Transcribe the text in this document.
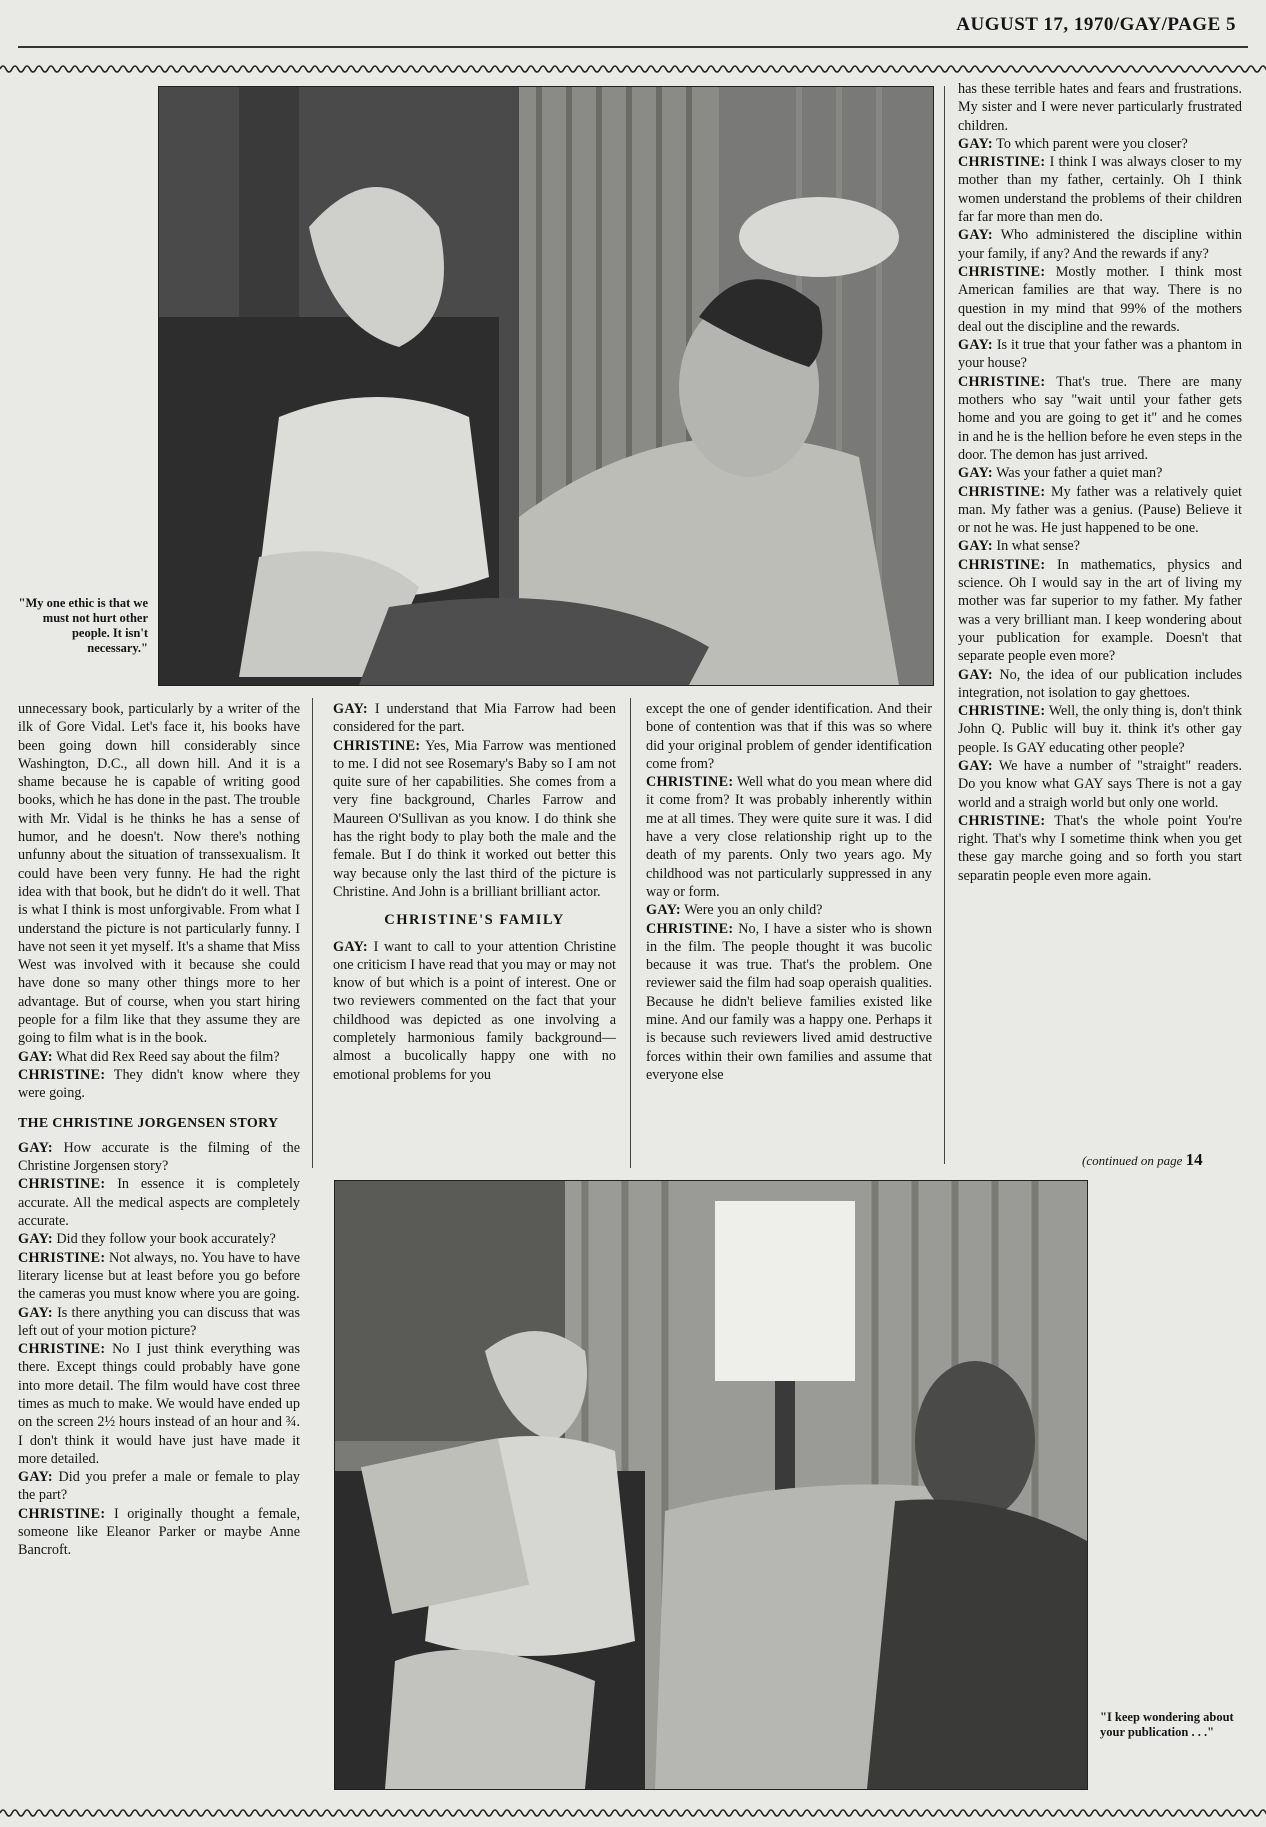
AUGUST 17, 1970/GAY/PAGE 5
"My one ethic is that we must not hurt other people. It isn't necessary."
"I keep wondering about your publication . . ."

unnecessary book, particularly by a writer of the ilk of Gore Vidal. Let's face it, his books have been going down hill considerably since Washington, D.C., all down hill. And it is a shame because he is capable of writing good books, which he has done in the past. The trouble with Mr. Vidal is he thinks he has a sense of humor, and he doesn't. Now there's nothing unfunny about the situation of transsexualism. It could have been very funny. He had the right idea with that book, but he didn't do it well. That is what I think is most unforgivable. From what I understand the picture is not particularly funny. I have not seen it yet myself. It's a shame that Miss West was involved with it because she could have done so many other things more to her advantage. But of course, when you start hiring people for a film like that they assume they are going to film what is in the book.

GAY: What did Rex Reed say about the film?

CHRISTINE: They didn't know where they were going.

THE CHRISTINE JORGENSEN STORY

GAY: How accurate is the filming of the Christine Jorgensen story?

CHRISTINE: In essence it is completely accurate. All the medical aspects are completely accurate.

GAY: Did they follow your book accurately?

CHRISTINE: Not always, no. You have to have literary license but at least before you go before the cameras you must know where you are going.

GAY: Is there anything you can discuss that was left out of your motion picture?

CHRISTINE: No I just think everything was there. Except things could probably have gone into more detail. The film would have cost three times as much to make. We would have ended up on the screen 2½ hours instead of an hour and ¾. I don't think it would have just have made it more detailed.

GAY: Did you prefer a male or female to play the part?

CHRISTINE: I originally thought a female, someone like Eleanor Parker or maybe Anne Bancroft.

GAY: I understand that Mia Farrow had been considered for the part.

CHRISTINE: Yes, Mia Farrow was mentioned to me. I did not see Rosemary's Baby so I am not quite sure of her capabilities. She comes from a very fine background, Charles Farrow and Maureen O'Sullivan as you know. I do think she has the right body to play both the male and the female. But I do think it worked out better this way because only the last third of the picture is Christine. And John is a brilliant brilliant actor.

CHRISTINE'S FAMILY

GAY: I want to call to your attention Christine one criticism I have read that you may or may not know of but which is a point of interest. One or two reviewers commented on the fact that your childhood was depicted as one involving a completely harmonious family background—almost a bucolically happy one with no emotional problems for you

except the one of gender identification. And their bone of contention was that if this was so where did your original problem of gender identification come from?

CHRISTINE: Well what do you mean where did it come from? It was probably inherently within me at all times. They were quite sure it was. I did have a very close relationship right up to the death of my parents. Only two years ago. My childhood was not particularly suppressed in any way or form.

GAY: Were you an only child?

CHRISTINE: No, I have a sister who is shown in the film. The people thought it was bucolic because it was true. That's the problem. One reviewer said the film had soap operaish qualities. Because he didn't believe families existed like mine. And our family was a happy one. Perhaps it is because such reviewers lived amid destructive forces within their own families and assume that everyone else

has these terrible hates and fears and frustrations. My sister and I were never particularly frustrated children.

GAY: To which parent were you closer?

CHRISTINE: I think I was always closer to my mother than my father, certainly. Oh I think women understand the problems of their children far far more than men do.

GAY: Who administered the discipline within your family, if any? And the rewards if any?

CHRISTINE: Mostly mother. I think most American families are that way. There is no question in my mind that 99% of the mothers deal out the discipline and the rewards.

GAY: Is it true that your father was a phantom in your house?

CHRISTINE: That's true. There are many mothers who say "wait until your father gets home and you are going to get it" and he comes in and he is the hellion before he even steps in the door. The demon has just arrived.

GAY: Was your father a quiet man?

CHRISTINE: My father was a relatively quiet man. My father was a genius. (Pause) Believe it or not he was. He just happened to be one.

GAY: In what sense?

CHRISTINE: In mathematics, physics and science. Oh I would say in the art of living my mother was far superior to my father. My father was a very brilliant man. I keep wondering about your publication for example. Doesn't that separate people even more?

GAY: No, the idea of our publication includes integration, not isolation to gay ghettoes.

CHRISTINE: Well, the only thing is, don't think John Q. Public will buy it. think it's other gay people. Is GAY educating other people?

GAY: We have a number of "straight" readers. Do you know what GAY says There is not a gay world and a straigh world but only one world.

CHRISTINE: That's the whole point You're right. That's why I sometime think when you get these gay marche going and so forth you start separatin people even more again.

(continued on page 14
